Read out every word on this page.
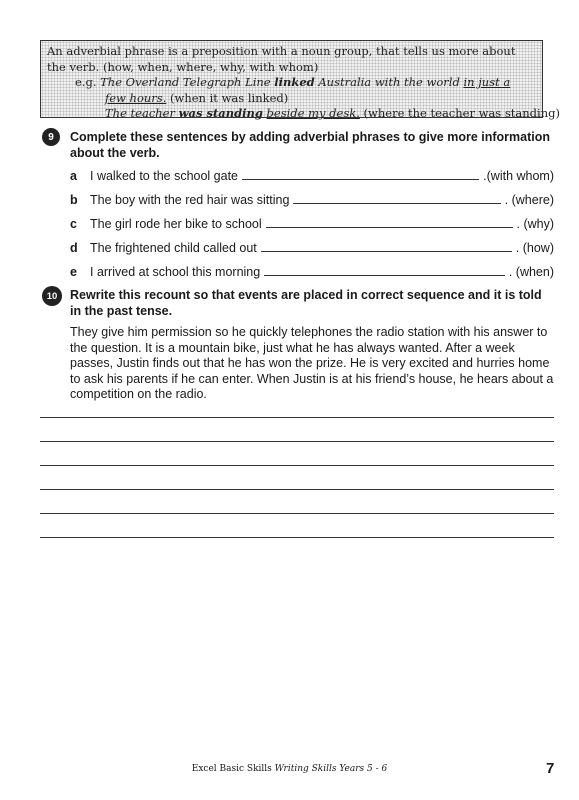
An adverbial phrase is a preposition with a noun group, that tells us more about
the verb. (how, when, where, why, with whom)
e.g. The Overland Telegraph Line linked Australia with the world in just a
few hours. (when it was linked)
The teacher was standing beside my desk. (where the teacher was standing)
9	Complete these sentences by adding adverbial phrases to give more information about the verb.
a	I walked to the school gate	.(with whom)
b The boy with the red hair was sitting	. (where)
c	The girl rode her bike to school	. (why)
d The frightened child called out	. (how)
e	I arrived at school this morning	. (when)
10	Rewrite this recount so that events are placed in correct sequence and it is told in the past tense.
They give him permission so he quickly telephones the radio station with his answer to the question. It is a mountain bike, just what he has always wanted. After a week passes, Justin finds out that he has won the prize. He is very excited and hurries home to ask his parents if he can enter. When Justin is at his friend’s house, he hears about a competition on the radio.
Excel Basic Skills Writing Skills Years 5 - 6	7
